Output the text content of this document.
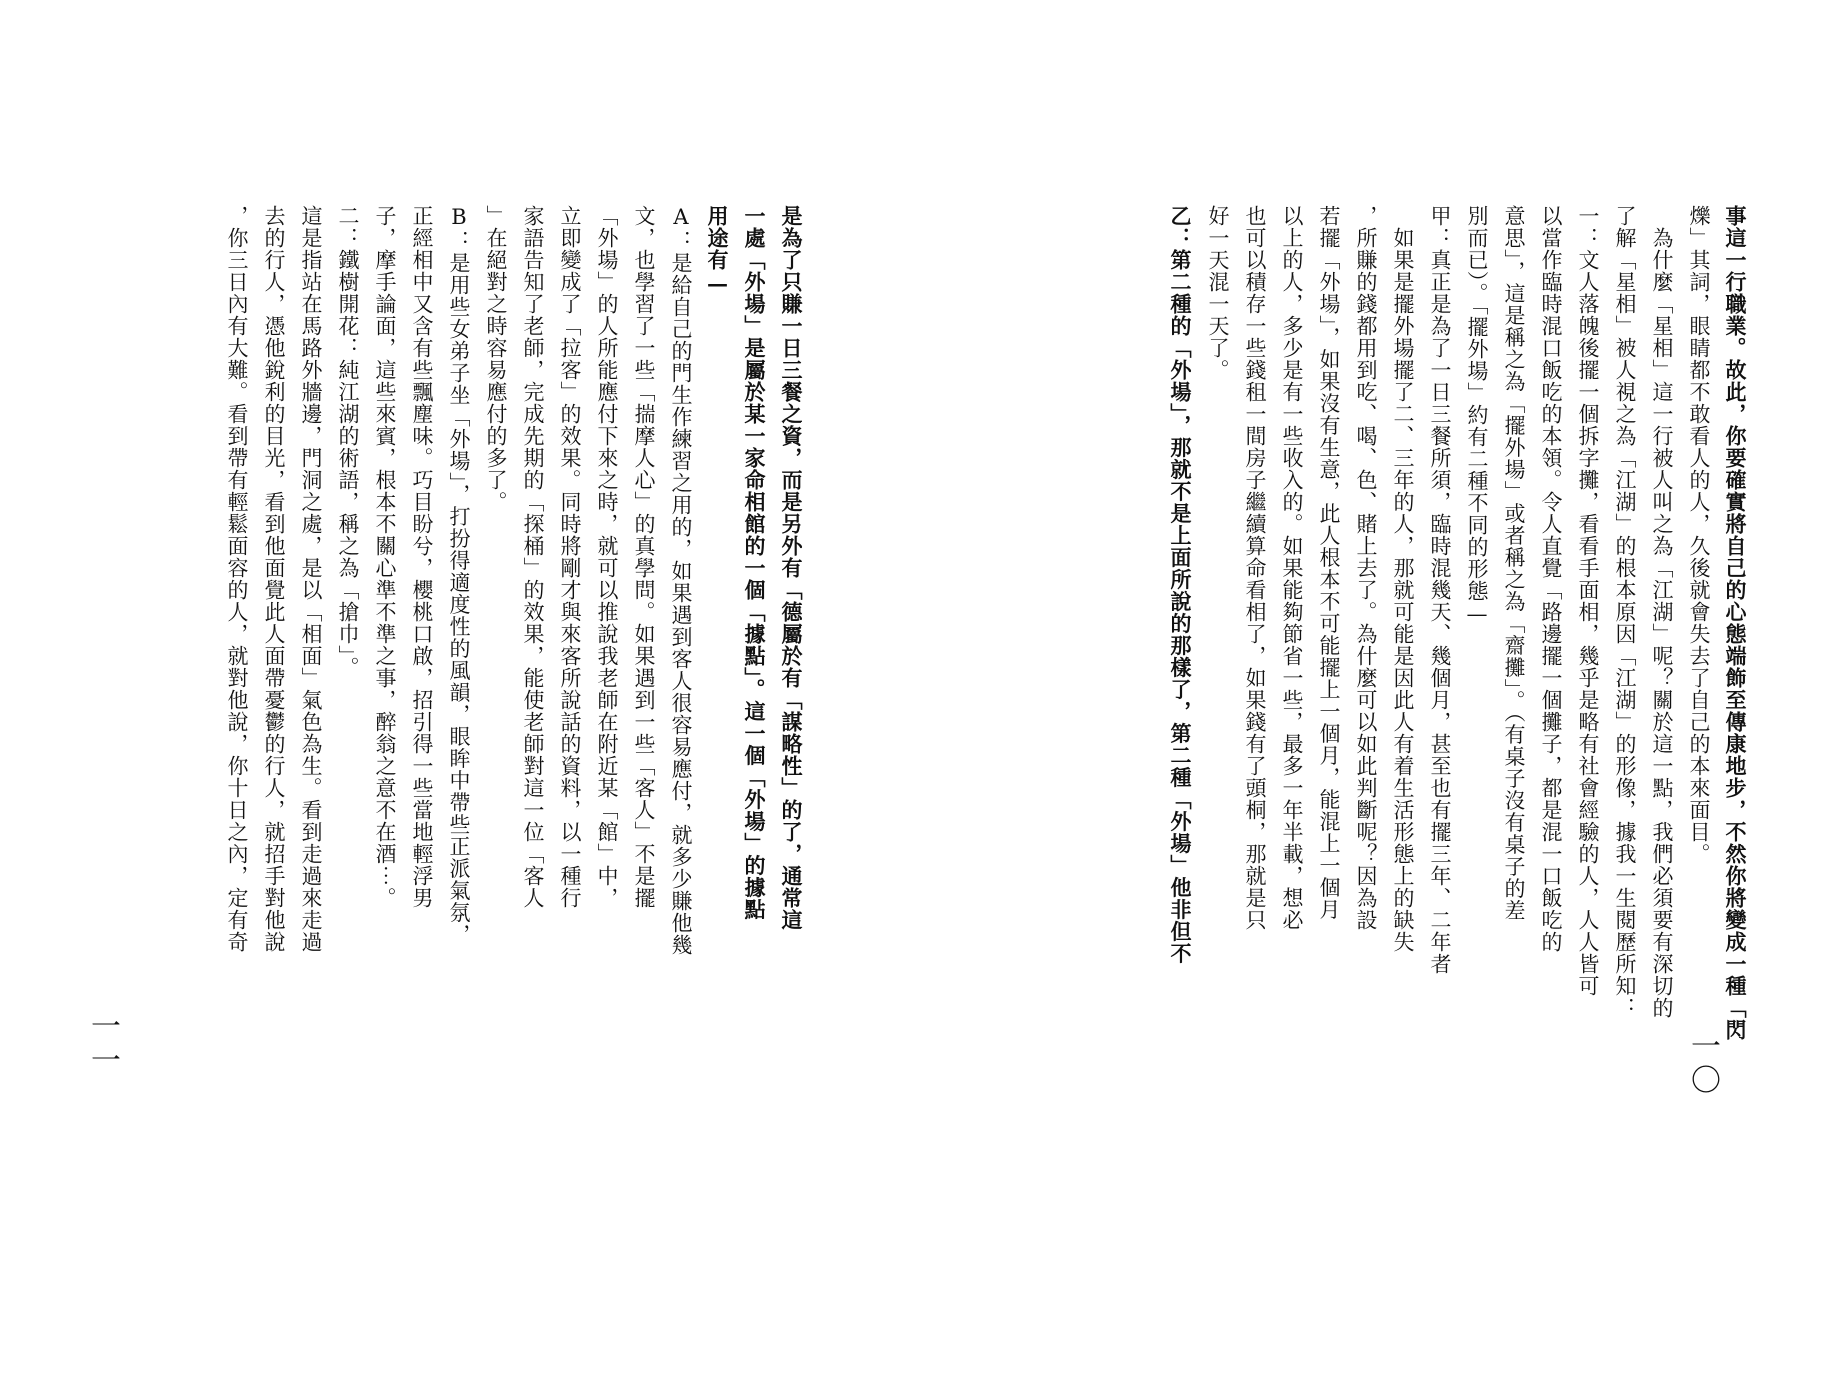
事這一行職業。故此，你要確實將自己的心態端飾至傳康地步，不然你將變成一種「閃

爍」其詞，眼睛都不敢看人的人，久後就會失去了自己的本來面目。

　為什麼「星相」這一行被人叫之為「江湖」呢？關於這一點，我們必須要有深切的

了解「星相」被人視之為「江湖」的根本原因「江湖」的形像，據我一生閱歷所知：

一：文人落魄後擺一個拆字攤，看看手面相，幾乎是略有社會經驗的人，人人皆可

以當作臨時混口飯吃的本領。令人直覺「路邊擺一個攤子，都是混一口飯吃的

意思」，這是稱之為「擺外場」或者稱之為「齋攤」。（有桌子沒有桌子的差

別而已）。「擺外場」約有二種不同的形態—

甲：真正是為了一日三餐所須，臨時混幾天、幾個月，甚至也有擺三年、二年者

　如果是擺外場擺了二、三年的人，那就可能是因此人有着生活形態上的缺失

，所賺的錢都用到吃、喝、色、賭上去了。為什麼可以如此判斷呢？因為設

若擺「外場」，如果沒有生意，此人根本不可能擺上一個月，能混上一個月

以上的人，多少是有一些收入的。如果能夠節省一些，最多一年半載，想必

也可以積存一些錢租一間房子繼續算命看相了，如果錢有了頭桐，那就是只

好一天混一天了。

乙：第二種的「外場」，那就不是上面所說的那樣了，第二種「外場」他非但不

一〇

是為了只賺一日三餐之資，而是另外有「德屬於有「謀略性」的了，通常這

一處「外場」是屬於某一家命相館的一個「據點」。這一個「外場」的據點

用途有—

A：是給自己的門生作練習之用的，如果遇到客人很容易應付，就多少賺他幾

文，也學習了一些「揣摩人心」的真學問。如果遇到一些「客人」不是擺

「外場」的人所能應付下來之時，就可以推說我老師在附近某「館」中，

立即變成了「拉客」的效果。同時將剛才與來客所說話的資料，以一種行

家語告知了老師，完成先期的「探桶」的效果，能使老師對這一位「客人

」在絕對之時容易應付的多了。

B：是用些女弟子坐「外場」，打扮得適度性的風韻，眼眸中帶些正派氣氛，

正經相中又含有些飄塵味。巧目盼兮，櫻桃口啟，招引得一些當地輕浮男

子，摩手論面，這些來賓，根本不關心準不準之事，醉翁之意不在酒⋯。

二：鐵樹開花：純江湖的術語，稱之為「搶巾」。

這是指站在馬路外牆邊，門洞之處，是以「相面」氣色為生。看到走過來走過

去的行人，憑他銳利的目光，看到他面覺此人面帶憂鬱的行人，就招手對他說

，你三日內有大難。看到帶有輕鬆面容的人，就對他說，你十日之內，定有奇

一一
